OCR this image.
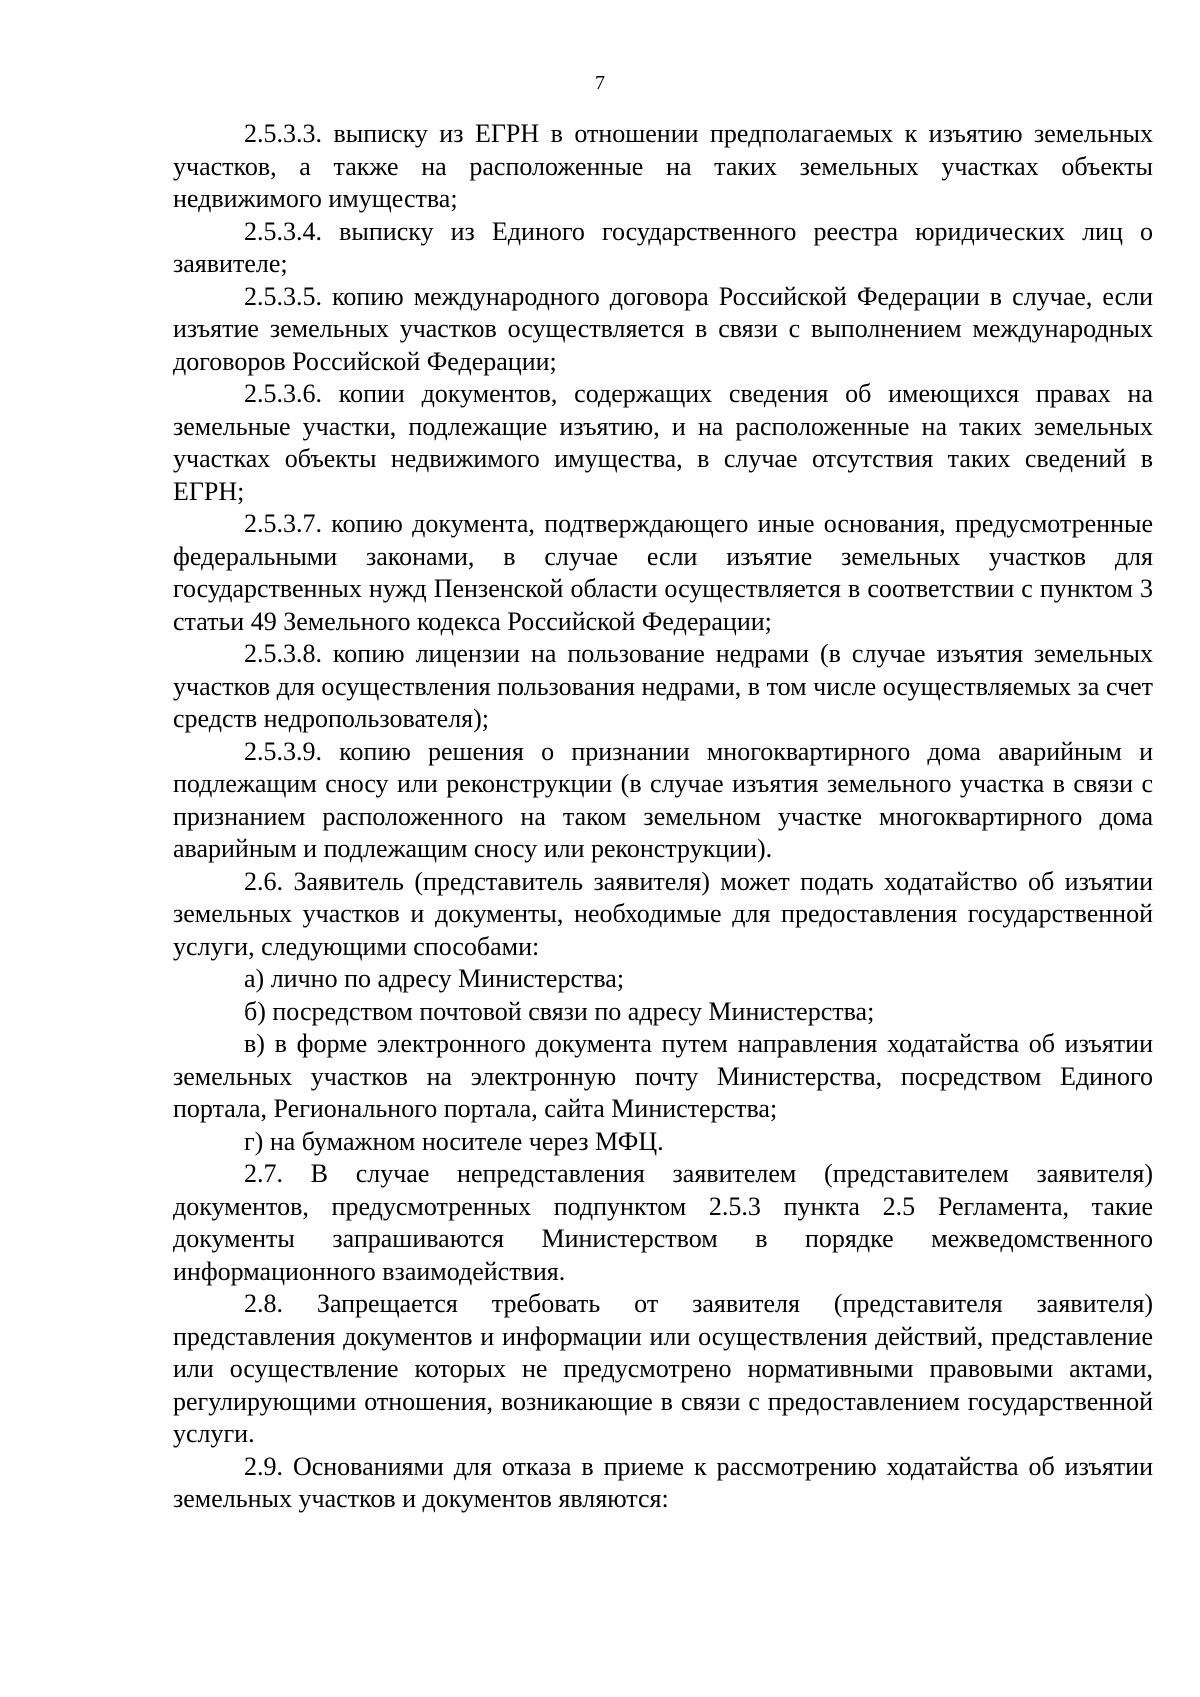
7

2.5.3.3. выписку из ЕГРН в отношении предполагаемых к изъятию земельных участков, а также на расположенные на таких земельных участках объекты недвижимого имущества;

2.5.3.4. выписку из Единого государственного реестра юридических лиц о заявителе;

2.5.3.5. копию международного договора Российской Федерации в случае, если изъятие земельных участков осуществляется в связи с выполнением международных договоров Российской Федерации;

2.5.3.6. копии документов, содержащих сведения об имеющихся правах на земельные участки, подлежащие изъятию, и на расположенные на таких земельных участках объекты недвижимого имущества, в случае отсутствия таких сведений в ЕГРН;

2.5.3.7. копию документа, подтверждающего иные основания, предусмотренные федеральными законами, в случае если изъятие земельных участков для государственных нужд Пензенской области осуществляется в соответствии с пунктом 3 статьи 49 Земельного кодекса Российской Федерации;

2.5.3.8. копию лицензии на пользование недрами (в случае изъятия земельных участков для осуществления пользования недрами, в том числе осуществляемых за счет средств недропользователя);

2.5.3.9. копию решения о признании многоквартирного дома аварийным и подлежащим сносу или реконструкции (в случае изъятия земельного участка в связи с признанием расположенного на таком земельном участке многоквартирного дома аварийным и подлежащим сносу или реконструкции).

2.6. Заявитель (представитель заявителя) может подать ходатайство об изъятии земельных участков и документы, необходимые для предоставления государственной услуги, следующими способами:

а) лично по адресу Министерства;

б) посредством почтовой связи по адресу Министерства;

в) в форме электронного документа путем направления ходатайства об изъятии земельных участков на электронную почту Министерства, посредством Единого портала, Регионального портала, сайта Министерства;

г) на бумажном носителе через МФЦ.

2.7. В случае непредставления заявителем (представителем заявителя) документов, предусмотренных подпунктом 2.5.3 пункта 2.5 Регламента, такие документы запрашиваются Министерством в порядке межведомственного информационного взаимодействия.

2.8. Запрещается требовать от заявителя (представителя заявителя) представления документов и информации или осуществления действий, представление или осуществление которых не предусмотрено нормативными правовыми актами, регулирующими отношения, возникающие в связи с предоставлением государственной услуги.

2.9. Основаниями для отказа в приеме к рассмотрению ходатайства об изъятии земельных участков и документов являются:
